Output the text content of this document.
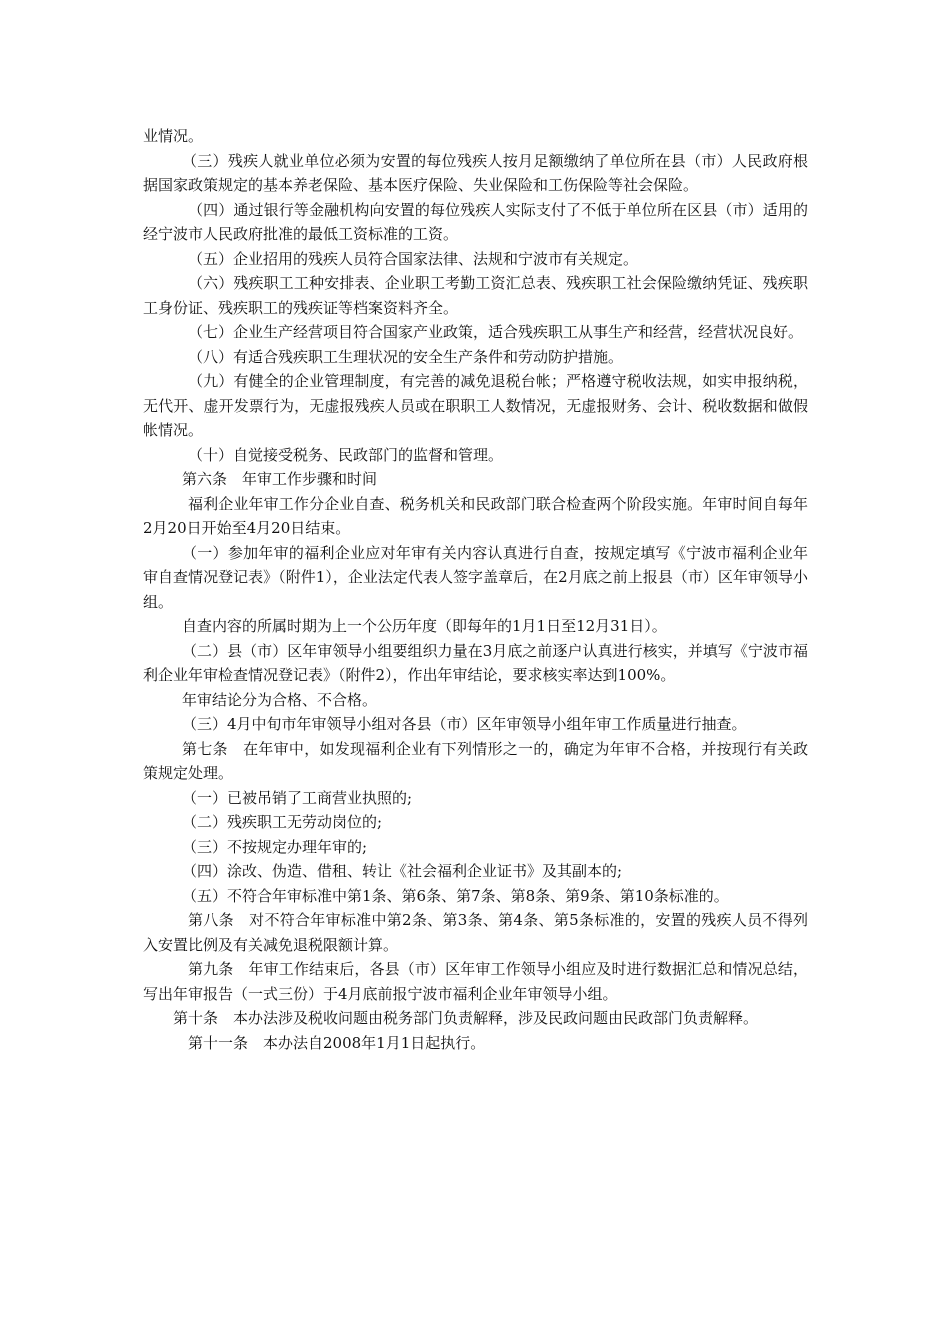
业情况。

（三）残疾人就业单位必须为安置的每位残疾人按月足额缴纳了单位所在县（市）人民政府根据国家政策规定的基本养老保险、基本医疗保险、失业保险和工伤保险等社会保险。

（四）通过银行等金融机构向安置的每位残疾人实际支付了不低于单位所在区县（市）适用的经宁波市人民政府批准的最低工资标准的工资。

（五）企业招用的残疾人员符合国家法律、法规和宁波市有关规定。

（六）残疾职工工种安排表、企业职工考勤工资汇总表、残疾职工社会保险缴纳凭证、残疾职工身份证、残疾职工的残疾证等档案资料齐全。

（七）企业生产经营项目符合国家产业政策，适合残疾职工从事生产和经营，经营状况良好。

（八）有适合残疾职工生理状况的安全生产条件和劳动防护措施。

（九）有健全的企业管理制度，有完善的减免退税台帐；严格遵守税收法规，如实申报纳税，无代开、虚开发票行为，无虚报残疾人员或在职职工人数情况，无虚报财务、会计、税收数据和做假帐情况。

（十）自觉接受税务、民政部门的监督和管理。

第六条　年审工作步骤和时间

福利企业年审工作分企业自查、税务机关和民政部门联合检查两个阶段实施。年审时间自每年2月20日开始至4月20日结束。

（一）参加年审的福利企业应对年审有关内容认真进行自查，按规定填写《宁波市福利企业年审自查情况登记表》（附件1），企业法定代表人签字盖章后，在2月底之前上报县（市）区年审领导小组。

自查内容的所属时期为上一个公历年度（即每年的1月1日至12月31日）。

（二）县（市）区年审领导小组要组织力量在3月底之前逐户认真进行核实，并填写《宁波市福利企业年审检查情况登记表》（附件2），作出年审结论，要求核实率达到100%。

年审结论分为合格、不合格。

（三）4月中旬市年审领导小组对各县（市）区年审领导小组年审工作质量进行抽查。

第七条　在年审中，如发现福利企业有下列情形之一的，确定为年审不合格，并按现行有关政策规定处理。

（一）已被吊销了工商营业执照的;

（二）残疾职工无劳动岗位的;

（三）不按规定办理年审的;

（四）涂改、伪造、借租、转让《社会福利企业证书》及其副本的;

（五）不符合年审标准中第1条、第6条、第7条、第8条、第9条、第10条标准的。

第八条　对不符合年审标准中第2条、第3条、第4条、第5条标准的，安置的残疾人员不得列入安置比例及有关减免退税限额计算。

第九条　年审工作结束后，各县（市）区年审工作领导小组应及时进行数据汇总和情况总结，写出年审报告（一式三份）于4月底前报宁波市福利企业年审领导小组。

第十条　本办法涉及税收问题由税务部门负责解释，涉及民政问题由民政部门负责解释。

第十一条　本办法自2008年1月1日起执行。
